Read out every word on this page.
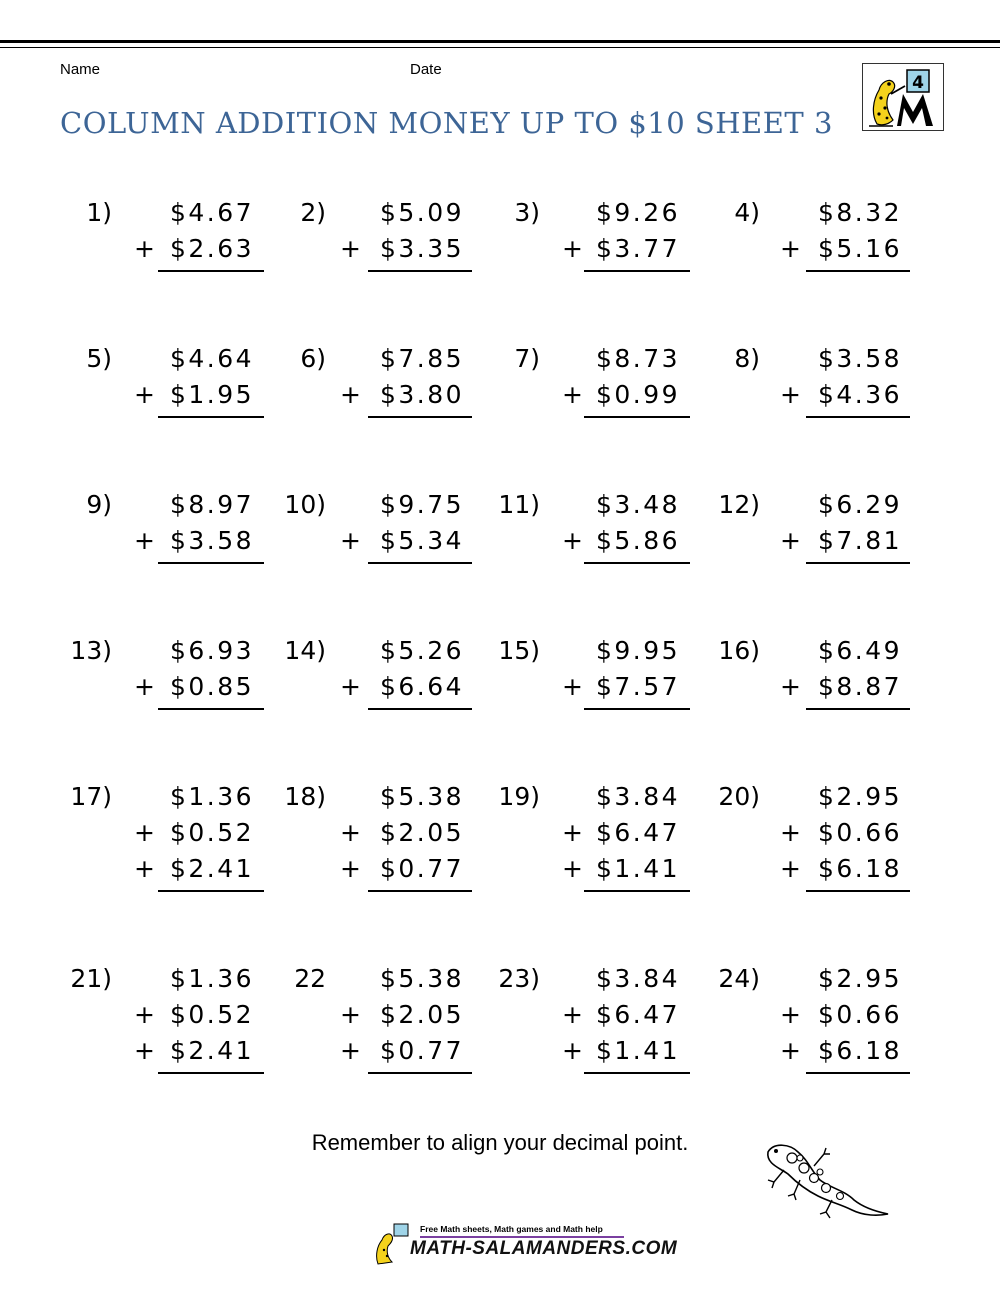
Name	Date
COLUMN ADDITION MONEY UP TO $10 SHEET 3
4
1) $4.67
+ $2.63
2) $5.09
+ $3.35
3) $9.26
+ $3.77
4) $8.32
+ $5.16
5) $4.64
+ $1.95
6) $7.85
+ $3.80
7) $8.73
+ $0.99
8) $3.58
+ $4.36
9) $8.97
+ $3.58
10) $9.75
+ $5.34
11) $3.48
+ $5.86
12) $6.29
+ $7.81
13) $6.93
+ $0.85
14) $5.26
+ $6.64
15) $9.95
+ $7.57
16) $6.49
+ $8.87
17) $1.36
+ $0.52
+ $2.41
18) $5.38
+ $2.05
+ $0.77
19) $3.84
+ $6.47
+ $1.41
20) $2.95
+ $0.66
+ $6.18
21) $1.36
+ $0.52
+ $2.41
22 $5.38
+ $2.05
+ $0.77
23) $3.84
+ $6.47
+ $1.41
24) $2.95
+ $0.66
+ $6.18
Remember to align your decimal point.
Free Math sheets, Math games and Math help
MATH-SALAMANDERS.COM
